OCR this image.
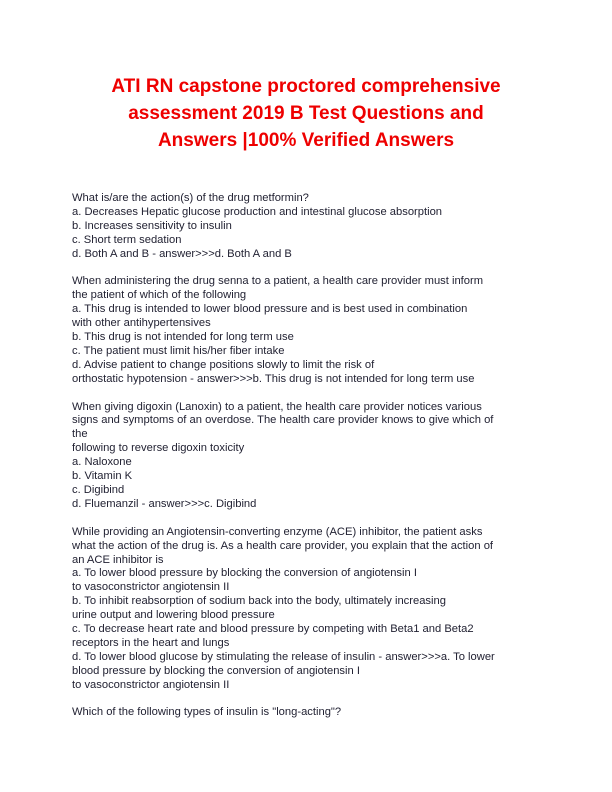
ATI RN capstone proctored comprehensive
assessment 2019 B Test Questions and
Answers |100% Verified Answers
What is/are the action(s) of the drug metformin?
a. Decreases Hepatic glucose production and intestinal glucose absorption
b. Increases sensitivity to insulin
c. Short term sedation
d. Both A and B - answer>>>d. Both A and B
When administering the drug senna to a patient, a health care provider must inform
the patient of which of the following
a. This drug is intended to lower blood pressure and is best used in combination
with other antihypertensives
b. This drug is not intended for long term use
c. The patient must limit his/her fiber intake
d. Advise patient to change positions slowly to limit the risk of
orthostatic hypotension - answer>>>b. This drug is not intended for long term use
When giving digoxin (Lanoxin) to a patient, the health care provider notices various
signs and symptoms of an overdose. The health care provider knows to give which of
the
following to reverse digoxin toxicity
a. Naloxone
b. Vitamin K
c. Digibind
d. Fluemanzil - answer>>>c. Digibind
While providing an Angiotensin-converting enzyme (ACE) inhibitor, the patient asks
what the action of the drug is. As a health care provider, you explain that the action of
an ACE inhibitor is
a. To lower blood pressure by blocking the conversion of angiotensin I
to vasoconstrictor angiotensin II
b. To inhibit reabsorption of sodium back into the body, ultimately increasing
urine output and lowering blood pressure
c. To decrease heart rate and blood pressure by competing with Beta1 and Beta2
receptors in the heart and lungs
d. To lower blood glucose by stimulating the release of insulin - answer>>>a. To lower
blood pressure by blocking the conversion of angiotensin I
to vasoconstrictor angiotensin II
Which of the following types of insulin is "long-acting"?
